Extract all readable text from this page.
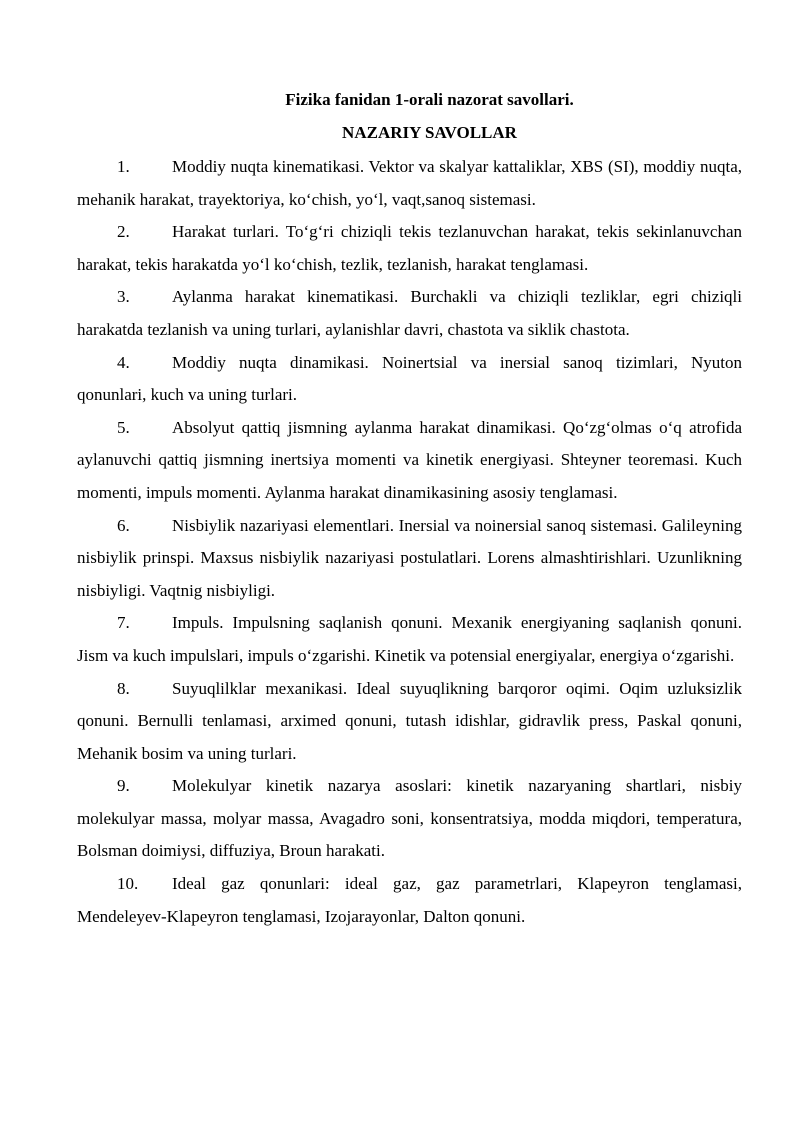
Fizika fanidan 1-orali nazorat savollari.
NAZARIY SAVOLLAR

1. Moddiy nuqta kinematikasi. Vektor va skalyar kattaliklar, XBS (SI), moddiy nuqta, mehanik harakat, trayektoriya, ko‘chish, yo‘l, vaqt,sanoq sistemasi.

2. Harakat turlari. To‘g‘ri chiziqli tekis tezlanuvchan harakat, tekis sekinlanuvchan harakat, tekis harakatda yo‘l ko‘chish, tezlik, tezlanish, harakat tenglamasi.

3. Aylanma harakat kinematikasi. Burchakli va chiziqli tezliklar, egri chiziqli harakatda tezlanish va uning turlari, aylanishlar davri, chastota va siklik chastota.

4. Moddiy nuqta dinamikasi. Noinertsial va inersial sanoq tizimlari, Nyuton qonunlari, kuch va uning turlari.

5. Absolyut qattiq jismning aylanma harakat dinamikasi. Qo‘zg‘olmas o‘q atrofida aylanuvchi qattiq jismning inertsiya momenti va kinetik energiyasi. Shteyner teoremasi. Kuch momenti, impuls momenti. Aylanma harakat dinamikasining asosiy tenglamasi.

6. Nisbiylik nazariyasi elementlari. Inersial va noinersial sanoq sistemasi. Galileyning nisbiylik prinspi. Maxsus nisbiylik nazariyasi postulatlari. Lorens almashtirishlari. Uzunlikning nisbiyligi. Vaqtnig nisbiyligi.

7. Impuls. Impulsning saqlanish qonuni. Mexanik energiyaning saqlanish qonuni. Jism va kuch impulslari, impuls o‘zgarishi. Kinetik va potensial energiyalar, energiya o‘zgarishi.

8. Suyuqlilklar mexanikasi. Ideal suyuqlikning barqoror oqimi. Oqim uzluksizlik qonuni. Bernulli tenlamasi, arximed qonuni, tutash idishlar, gidravlik press, Paskal qonuni, Mehanik bosim va uning turlari.

9. Molekulyar kinetik nazarya asoslari: kinetik nazaryaning shartlari, nisbiy molekulyar massa, molyar massa, Avagadro soni, konsentratsiya, modda miqdori, temperatura, Bolsman doimiysi, diffuziya, Broun harakati.

10. Ideal gaz qonunlari: ideal gaz, gaz parametrlari, Klapeyron tenglamasi, Mendeleyev-Klapeyron tenglamasi, Izojarayonlar, Dalton qonuni.
